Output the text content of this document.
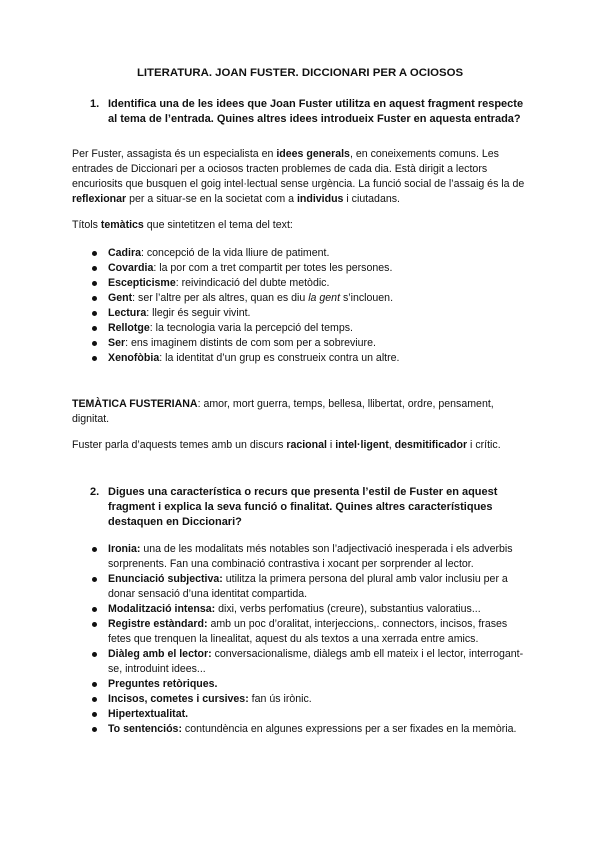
LITERATURA. JOAN FUSTER. DICCIONARI PER A OCIOSOS
1. Identifica una de les idees que Joan Fuster utilitza en aquest fragment respecte al tema de l’entrada. Quines altres idees introdueix Fuster en aquesta entrada?

Per Fuster, assagista és un especialista en idees generals, en coneixements comuns. Les entrades de Diccionari per a ociosos tracten problemes de cada dia. Està dirigit a lectors encuriosits que busquen el goig intel·lectual sense urgència. La funció social de l’assaig és la de reflexionar per a situar-se en la societat com a individus i ciutadans.

Títols temàtics que sintetitzen el tema del text:

Cadira: concepció de la vida lliure de patiment.
Covardia: la por com a tret compartit per totes les persones.
Escepticisme: reivindicació del dubte metòdic.
Gent: ser l’altre per als altres, quan es diu la gent s’inclouen.
Lectura: llegir és seguir vivint.
Rellotge: la tecnologia varia la percepció del temps.
Ser: ens imaginem distints de com som per a sobreviure.
Xenofòbia: la identitat d’un grup es construeix contra un altre.

TEMÀTICA FUSTERIANA: amor, mort guerra, temps, bellesa, llibertat, ordre, pensament, dignitat.

Fuster parla d’aquests temes amb un discurs racional i intel·ligent, desmitificador i crític.

2. Digues una característica o recurs que presenta l’estil de Fuster en aquest fragment i explica la seva funció o finalitat. Quines altres característiques destaquen en Diccionari?
Ironia: una de les modalitats més notables son l’adjectivació inesperada i els adverbis sorprenents. Fan una combinació contrastiva i xocant per sorprender al lector.
Enunciació subjectiva: utilitza la primera persona del plural amb valor inclusiu per a donar sensació d’una identitat compartida.
Modalització intensa: dixi, verbs perfomatius (creure), substantius valoratius...
Registre estàndard: amb un poc d’oralitat, interjeccions,. connectors, incisos, frases fetes que trenquen la linealitat, aquest du als textos a una xerrada entre amics.
Diàleg amb el lector: conversacionalisme, diàlegs amb ell mateix i el lector, interrogant-se, introduint idees...
Preguntes retòriques.
Incisos, cometes i cursives: fan ús irònic.
Hipertextualitat.
To sentenciós: contundència en algunes expressions per a ser fixades en la memòria.
